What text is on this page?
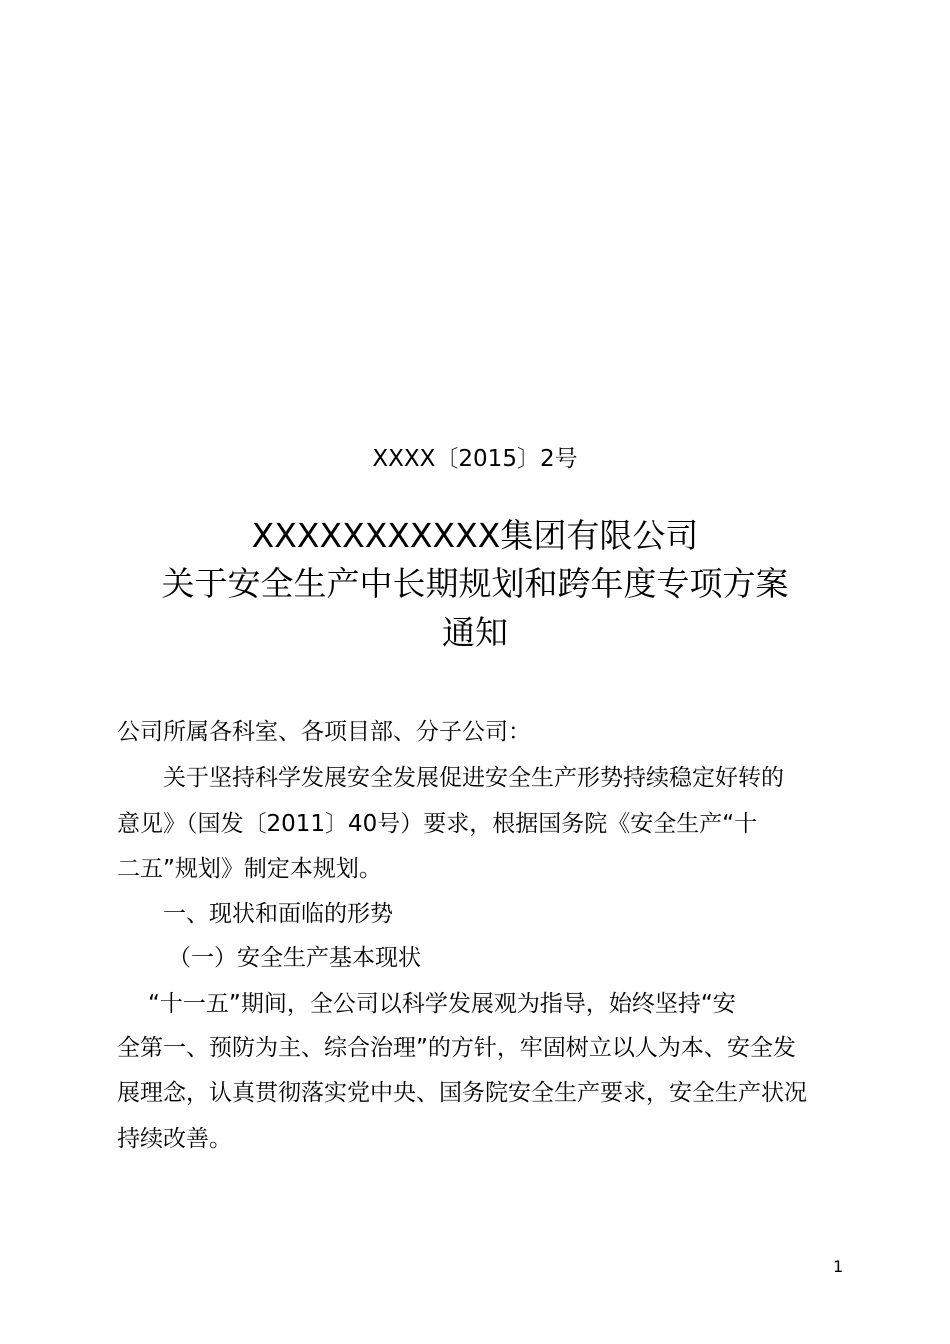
XXXX〔2015〕2号
XXXXXXXXXXX集团有限公司
关于安全生产中长期规划和跨年度专项方案
通知
公司所属各科室、各项目部、分子公司：
关于坚持科学发展安全发展促进安全生产形势持续稳定好转的
意见》（国发〔2011〕40号）要求，根据国务院《安全生产“十
二五”规划》制定本规划。
一、现状和面临的形势
（一）安全生产基本现状
“十一五”期间，全公司以科学发展观为指导，始终坚持“安
全第一、预防为主、综合治理”的方针，牢固树立以人为本、安全发
展理念，认真贯彻落实党中央、国务院安全生产要求，安全生产状况
持续改善。
1
